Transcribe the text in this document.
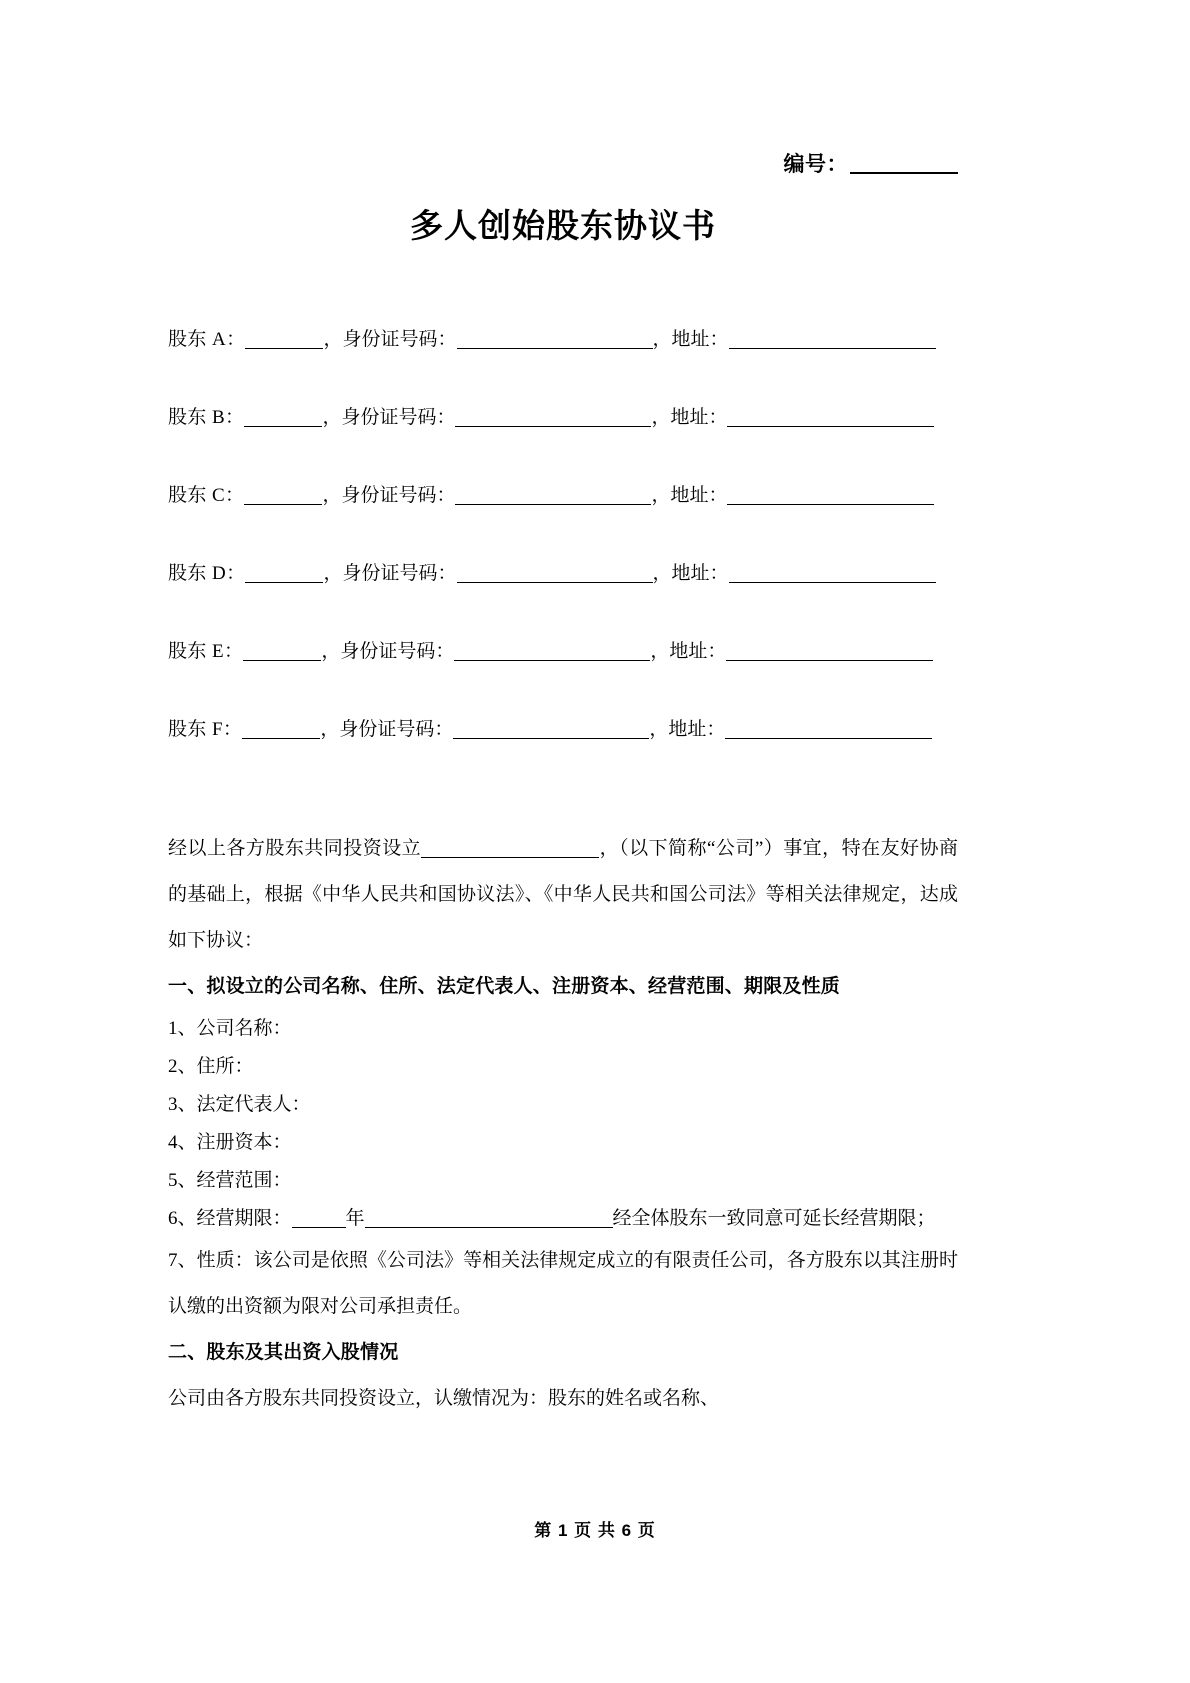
编号：
多人创始股东协议书
股东 A：	，身份证号码：	，地址：
股东 B：	，身份证号码：	，地址：
股东 C：	，身份证号码：	，地址：
股东 D：	，身份证号码：	，地址：
股东 E：	，身份证号码：	，地址：
股东 F：	，身份证号码：	，地址：

经以上各方股东共同投资设立	，（以下简称“公司”）事宜，特在友好协商的基础上，根据《中华人民共和国协议法》、《中华人民共和国公司法》等相关法律规定，达成如下协议：

一、拟设立的公司名称、住所、法定代表人、注册资本、经营范围、期限及性质
1、公司名称：
2、住所：
3、法定代表人：
4、注册资本：
5、经营范围：
6、经营期限：	年	经全体股东一致同意可延长经营期限；

7、性质：该公司是依照《公司法》等相关法律规定成立的有限责任公司，各方股东以其注册时认缴的出资额为限对公司承担责任。

二、股东及其出资入股情况
公司由各方股东共同投资设立，认缴情况为：股东的姓名或名称、
第 1 页 共 6 页
